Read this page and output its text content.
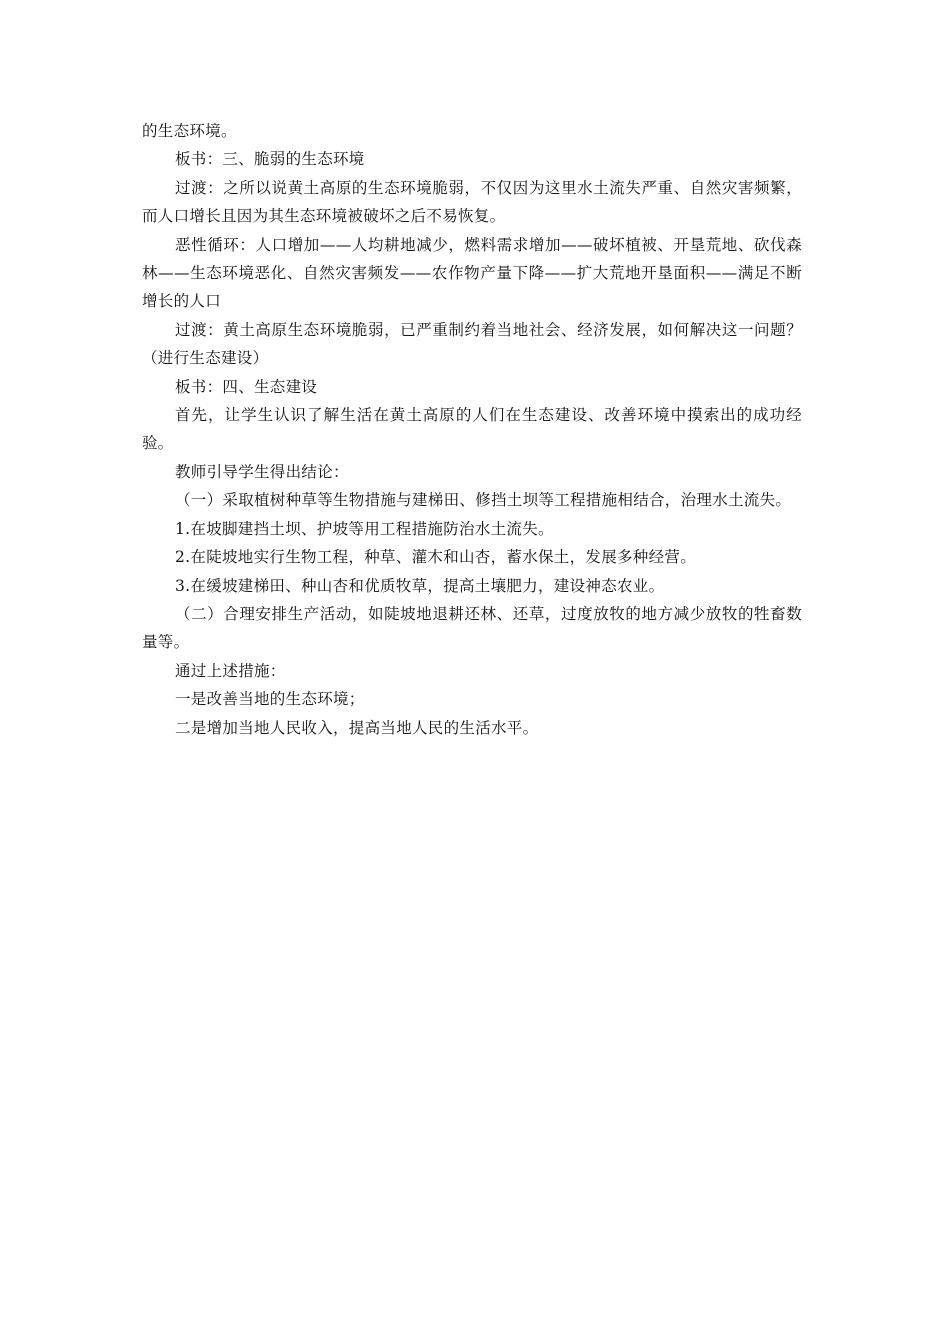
的生态环境。

板书：三、脆弱的生态环境

过渡：之所以说黄土高原的生态环境脆弱，不仅因为这里水土流失严重、自然灾害频繁，而人口增长且因为其生态环境被破坏之后不易恢复。

恶性循环：人口增加——人均耕地减少，燃料需求增加——破坏植被、开垦荒地、砍伐森林——生态环境恶化、自然灾害频发——农作物产量下降——扩大荒地开垦面积——满足不断增长的人口

过渡：黄土高原生态环境脆弱，已严重制约着当地社会、经济发展，如何解决这一问题？（进行生态建设）

板书：四、生态建设

首先，让学生认识了解生活在黄土高原的人们在生态建设、改善环境中摸索出的成功经验。

教师引导学生得出结论：

（一）采取植树种草等生物措施与建梯田、修挡土坝等工程措施相结合，治理水土流失。

1.在坡脚建挡土坝、护坡等用工程措施防治水土流失。

2.在陡坡地实行生物工程，种草、灌木和山杏，蓄水保土，发展多种经营。

3.在缓坡建梯田、种山杏和优质牧草，提高土壤肥力，建设神态农业。

（二）合理安排生产活动，如陡坡地退耕还林、还草，过度放牧的地方减少放牧的牲畜数量等。

通过上述措施：

一是改善当地的生态环境；

二是增加当地人民收入，提高当地人民的生活水平。
